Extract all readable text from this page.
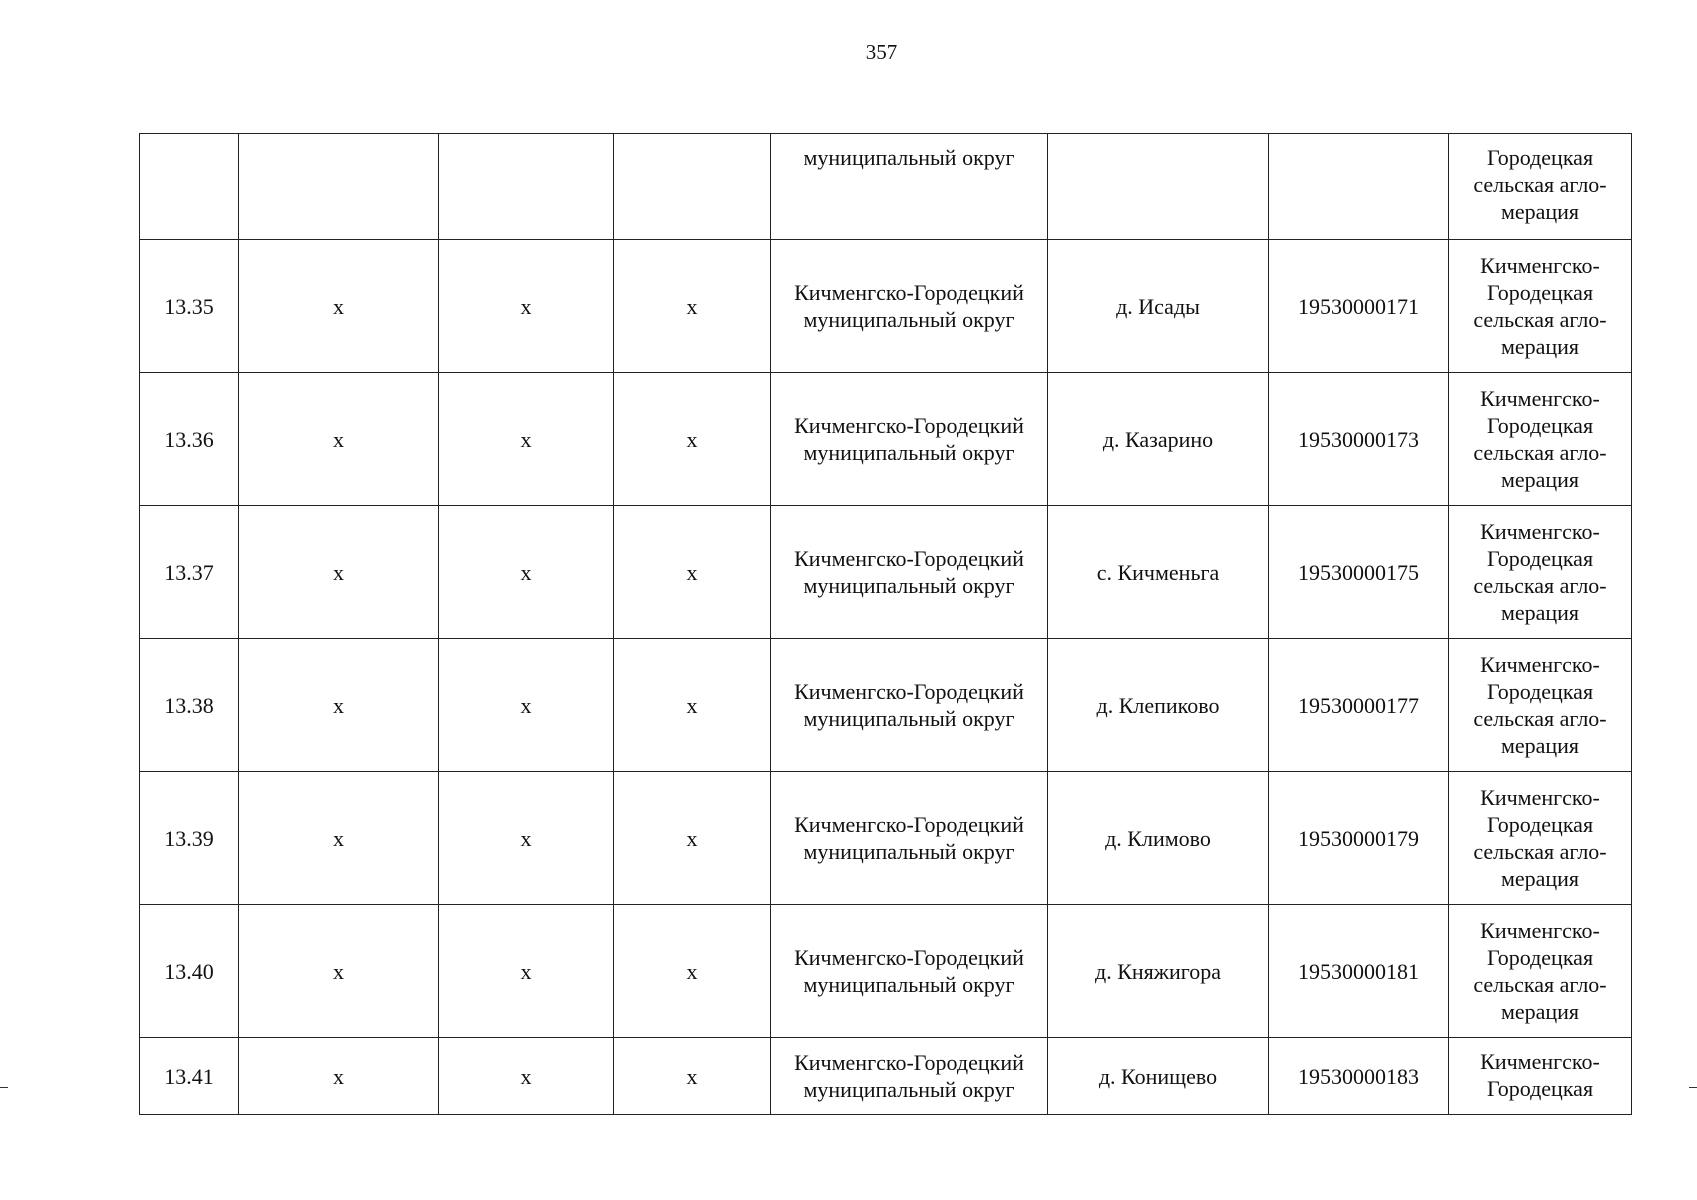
357
				муниципальный округ			Городецкая сельская агло-мерация
13.35	х	х	х	Кичменгско-Городецкий муниципальный округ	д. Исады	19530000171	Кичменгско-Городецкая сельская агло-мерация
13.36	х	х	х	Кичменгско-Городецкий муниципальный округ	д. Казарино	19530000173	Кичменгско-Городецкая сельская агло-мерация
13.37	х	х	х	Кичменгско-Городецкий муниципальный округ	с. Кичменьга	19530000175	Кичменгско-Городецкая сельская агло-мерация
13.38	х	х	х	Кичменгско-Городецкий муниципальный округ	д. Клепиково	19530000177	Кичменгско-Городецкая сельская агло-мерация
13.39	х	х	х	Кичменгско-Городецкий муниципальный округ	д. Климово	19530000179	Кичменгско-Городецкая сельская агло-мерация
13.40	х	х	х	Кичменгско-Городецкий муниципальный округ	д. Княжигора	19530000181	Кичменгско-Городецкая сельская агло-мерация
13.41	х	х	х	Кичменгско-Городецкий муниципальный округ	д. Конищево	19530000183	Кичменгско-Городецкая
